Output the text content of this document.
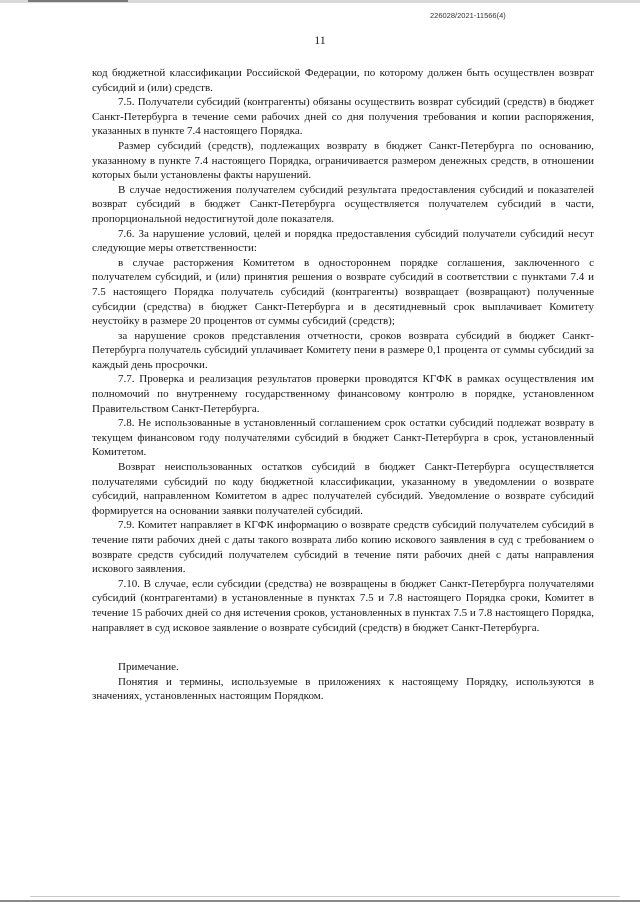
226028/2021-11566(4)
11

код бюджетной классификации Российской Федерации, по которому должен быть осуществлен возврат субсидий и (или) средств.

7.5. Получатели субсидий (контрагенты) обязаны осуществить возврат субсидий (средств) в бюджет Санкт-Петербурга в течение семи рабочих дней со дня получения требования и копии распоряжения, указанных в пункте 7.4 настоящего Порядка.

Размер субсидий (средств), подлежащих возврату в бюджет Санкт-Петербурга по основанию, указанному в пункте 7.4 настоящего Порядка, ограничивается размером денежных средств, в отношении которых были установлены факты нарушений.

В случае недостижения получателем субсидий результата предоставления субсидий и показателей возврат субсидий в бюджет Санкт-Петербурга осуществляется получателем субсидий в части, пропорциональной недостигнутой доле показателя.

7.6. За нарушение условий, целей и порядка предоставления субсидий получатели субсидий несут следующие меры ответственности:

в случае расторжения Комитетом в одностороннем порядке соглашения, заключенного с получателем субсидий, и (или) принятия решения о возврате субсидий в соответствии с пунктами 7.4 и 7.5 настоящего Порядка получатель субсидий (контрагенты) возвращает (возвращают) полученные субсидии (средства) в бюджет Санкт-Петербурга и в десятидневный срок выплачивает Комитету неустойку в размере 20 процентов от суммы субсидий (средств);

за нарушение сроков представления отчетности, сроков возврата субсидий в бюджет Санкт-Петербурга получатель субсидий уплачивает Комитету пени в размере 0,1 процента от суммы субсидий за каждый день просрочки.

7.7. Проверка и реализация результатов проверки проводятся КГФК в рамках осуществления им полномочий по внутреннему государственному финансовому контролю в порядке, установленном Правительством Санкт-Петербурга.

7.8. Не использованные в установленный соглашением срок остатки субсидий подлежат возврату в текущем финансовом году получателями субсидий в бюджет Санкт-Петербурга в срок, установленный Комитетом.

Возврат неиспользованных остатков субсидий в бюджет Санкт-Петербурга осуществляется получателями субсидий по коду бюджетной классификации, указанному в уведомлении о возврате субсидий, направленном Комитетом в адрес получателей субсидий. Уведомление о возврате субсидий формируется на основании заявки получателей субсидий.

7.9. Комитет направляет в КГФК информацию о возврате средств субсидий получателем субсидий в течение пяти рабочих дней с даты такого возврата либо копию искового заявления в суд с требованием о возврате средств субсидий получателем субсидий в течение пяти рабочих дней с даты направления искового заявления.

7.10. В случае, если субсидии (средства) не возвращены в бюджет Санкт-Петербурга получателями субсидий (контрагентами) в установленные в пунктах 7.5 и 7.8 настоящего Порядка сроки, Комитет в течение 15 рабочих дней со дня истечения сроков, установленных в пунктах 7.5 и 7.8 настоящего Порядка, направляет в суд исковое заявление о возврате субсидий (средств) в бюджет Санкт-Петербурга.

Примечание.

Понятия и термины, используемые в приложениях к настоящему Порядку, используются в значениях, установленных настоящим Порядком.
